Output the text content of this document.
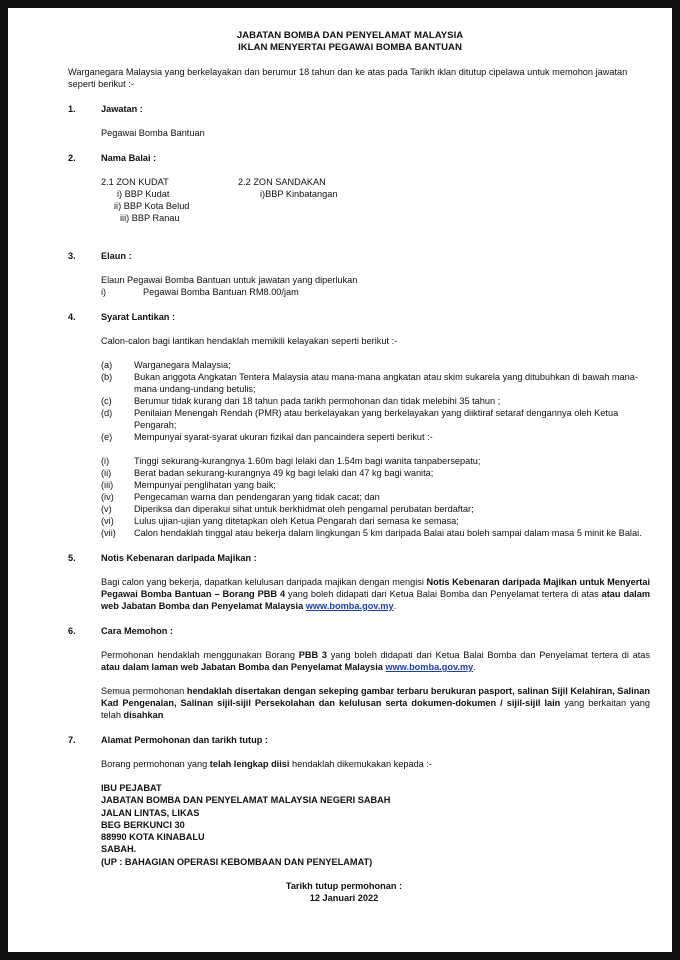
JABATAN BOMBA DAN PENYELAMAT MALAYSIA
IKLAN MENYERTAI PEGAWAI BOMBA BANTUAN
Warganegara Malaysia yang berkelayakan dan berumur 18 tahun dan ke atas pada Tarikh iklan ditutup cipelawa untuk memohon jawatan seperti berikut :-
1.	Jawatan :
Pegawai Bomba Bantuan
2.	Nama Balai :
2.1 ZON KUDAT
i) BBP Kudat
ii) BBP Kota Belud
iii) BBP Ranau
2.2 ZON SANDAKAN
i)BBP Kinbatangan
3.	Elaun :
Elaun Pegawai Bomba Bantuan untuk jawatan yang diperlukan
i)	Pegawai Bomba Bantuan RM8.00/jam
4.	Syarat Lantikan :
Calon-calon bagi lantikan hendaklah memikili kelayakan seperti berikut :-
(a)	Warganegara Malaysia;
(b)	Bukan anggota Angkatan Tentera Malaysia atau mana-mana angkatan atau skim sukarela yang ditubuhkan di bawah mana-mana undang-undang betulis;
(c)	Berumur tidak kurang dari 18 tahun pada tarikh permohonan dan tidak melebihi 35 tahun ;
(d)	Penilaian Menengah Rendah (PMR) atau berkelayakan yang berkelayakan yang diiktiraf setaraf dengannya oleh Ketua Pengarah;
(e)	Mempunyai syarat-syarat ukuran fizikal dan pancaindera seperti berikut :-
(i)	Tinggi sekurang-kurangnya 1.60m bagi lelaki dan 1.54m bagi wanita tanpabersepatu;
(ii)	Berat badan sekurang-kurangnya 49 kg bagi lelaki dan 47 kg bagi wanita;
(iii)	Mempunyai penglihatan yang baik;
(iv)	Pengecaman warna dan pendengaran yang tidak cacat; dan
(v)	Diperiksa dan diperakui sihat untuk berkhidmat oleh pengamal perubatan berdaftar;
(vi)	Lulus ujian-ujian yang ditetapkan oleh Ketua Pengarah dari semasa ke semasa;
(vii)	Calon hendaklah tinggal atau bekerja dalam lingkungan 5 km daripada Balai atau boleh sampai dalam masa 5 minit ke Balai.
5.	Notis Kebenaran daripada Majikan :
Bagi calon yang bekerja, dapatkan kelulusan daripada majikan dengan mengisi Notis Kebenaran daripada Majikan untuk Menyertai Pegawai Bomba Bantuan – Borang PBB 4 yang boleh didapati dari Ketua Balai Bomba dan Penyelamat tertera di atas atau dalam web Jabatan Bomba dan Penyelamat Malaysia www.bomba.gov.my.
6.	Cara Memohon :
Permohonan hendaklah menggunakan Borang PBB 3 yang boleh didapati dari Ketua Balai Bomba dan Penyelamat tertera di atas atau dalam laman web Jabatan Bomba dan Penyelamat Malaysia www.bomba.gov.my.
Semua permohonan hendaklah disertakan dengan sekeping gambar terbaru berukuran pasport, salinan Sijil Kelahiran, Salinan Kad Pengenalan, Salinan sijil-sijil Persekolahan dan kelulusan serta dokumen-dokumen / sijil-sijil lain yang berkaitan yang telah disahkan
7.	Alamat Permohonan dan tarikh tutup :
Borang permohonan yang telah lengkap diisi hendaklah dikemukakan kepada :-
IBU PEJABAT
JABATAN BOMBA DAN PENYELAMAT MALAYSIA NEGERI SABAH
JALAN LINTAS, LIKAS
BEG BERKUNCI 30
88990 KOTA KINABALU
SABAH.
(UP : BAHAGIAN OPERASI KEBOMBAAN DAN PENYELAMAT)
Tarikh tutup permohonan :
12 Januari 2022
